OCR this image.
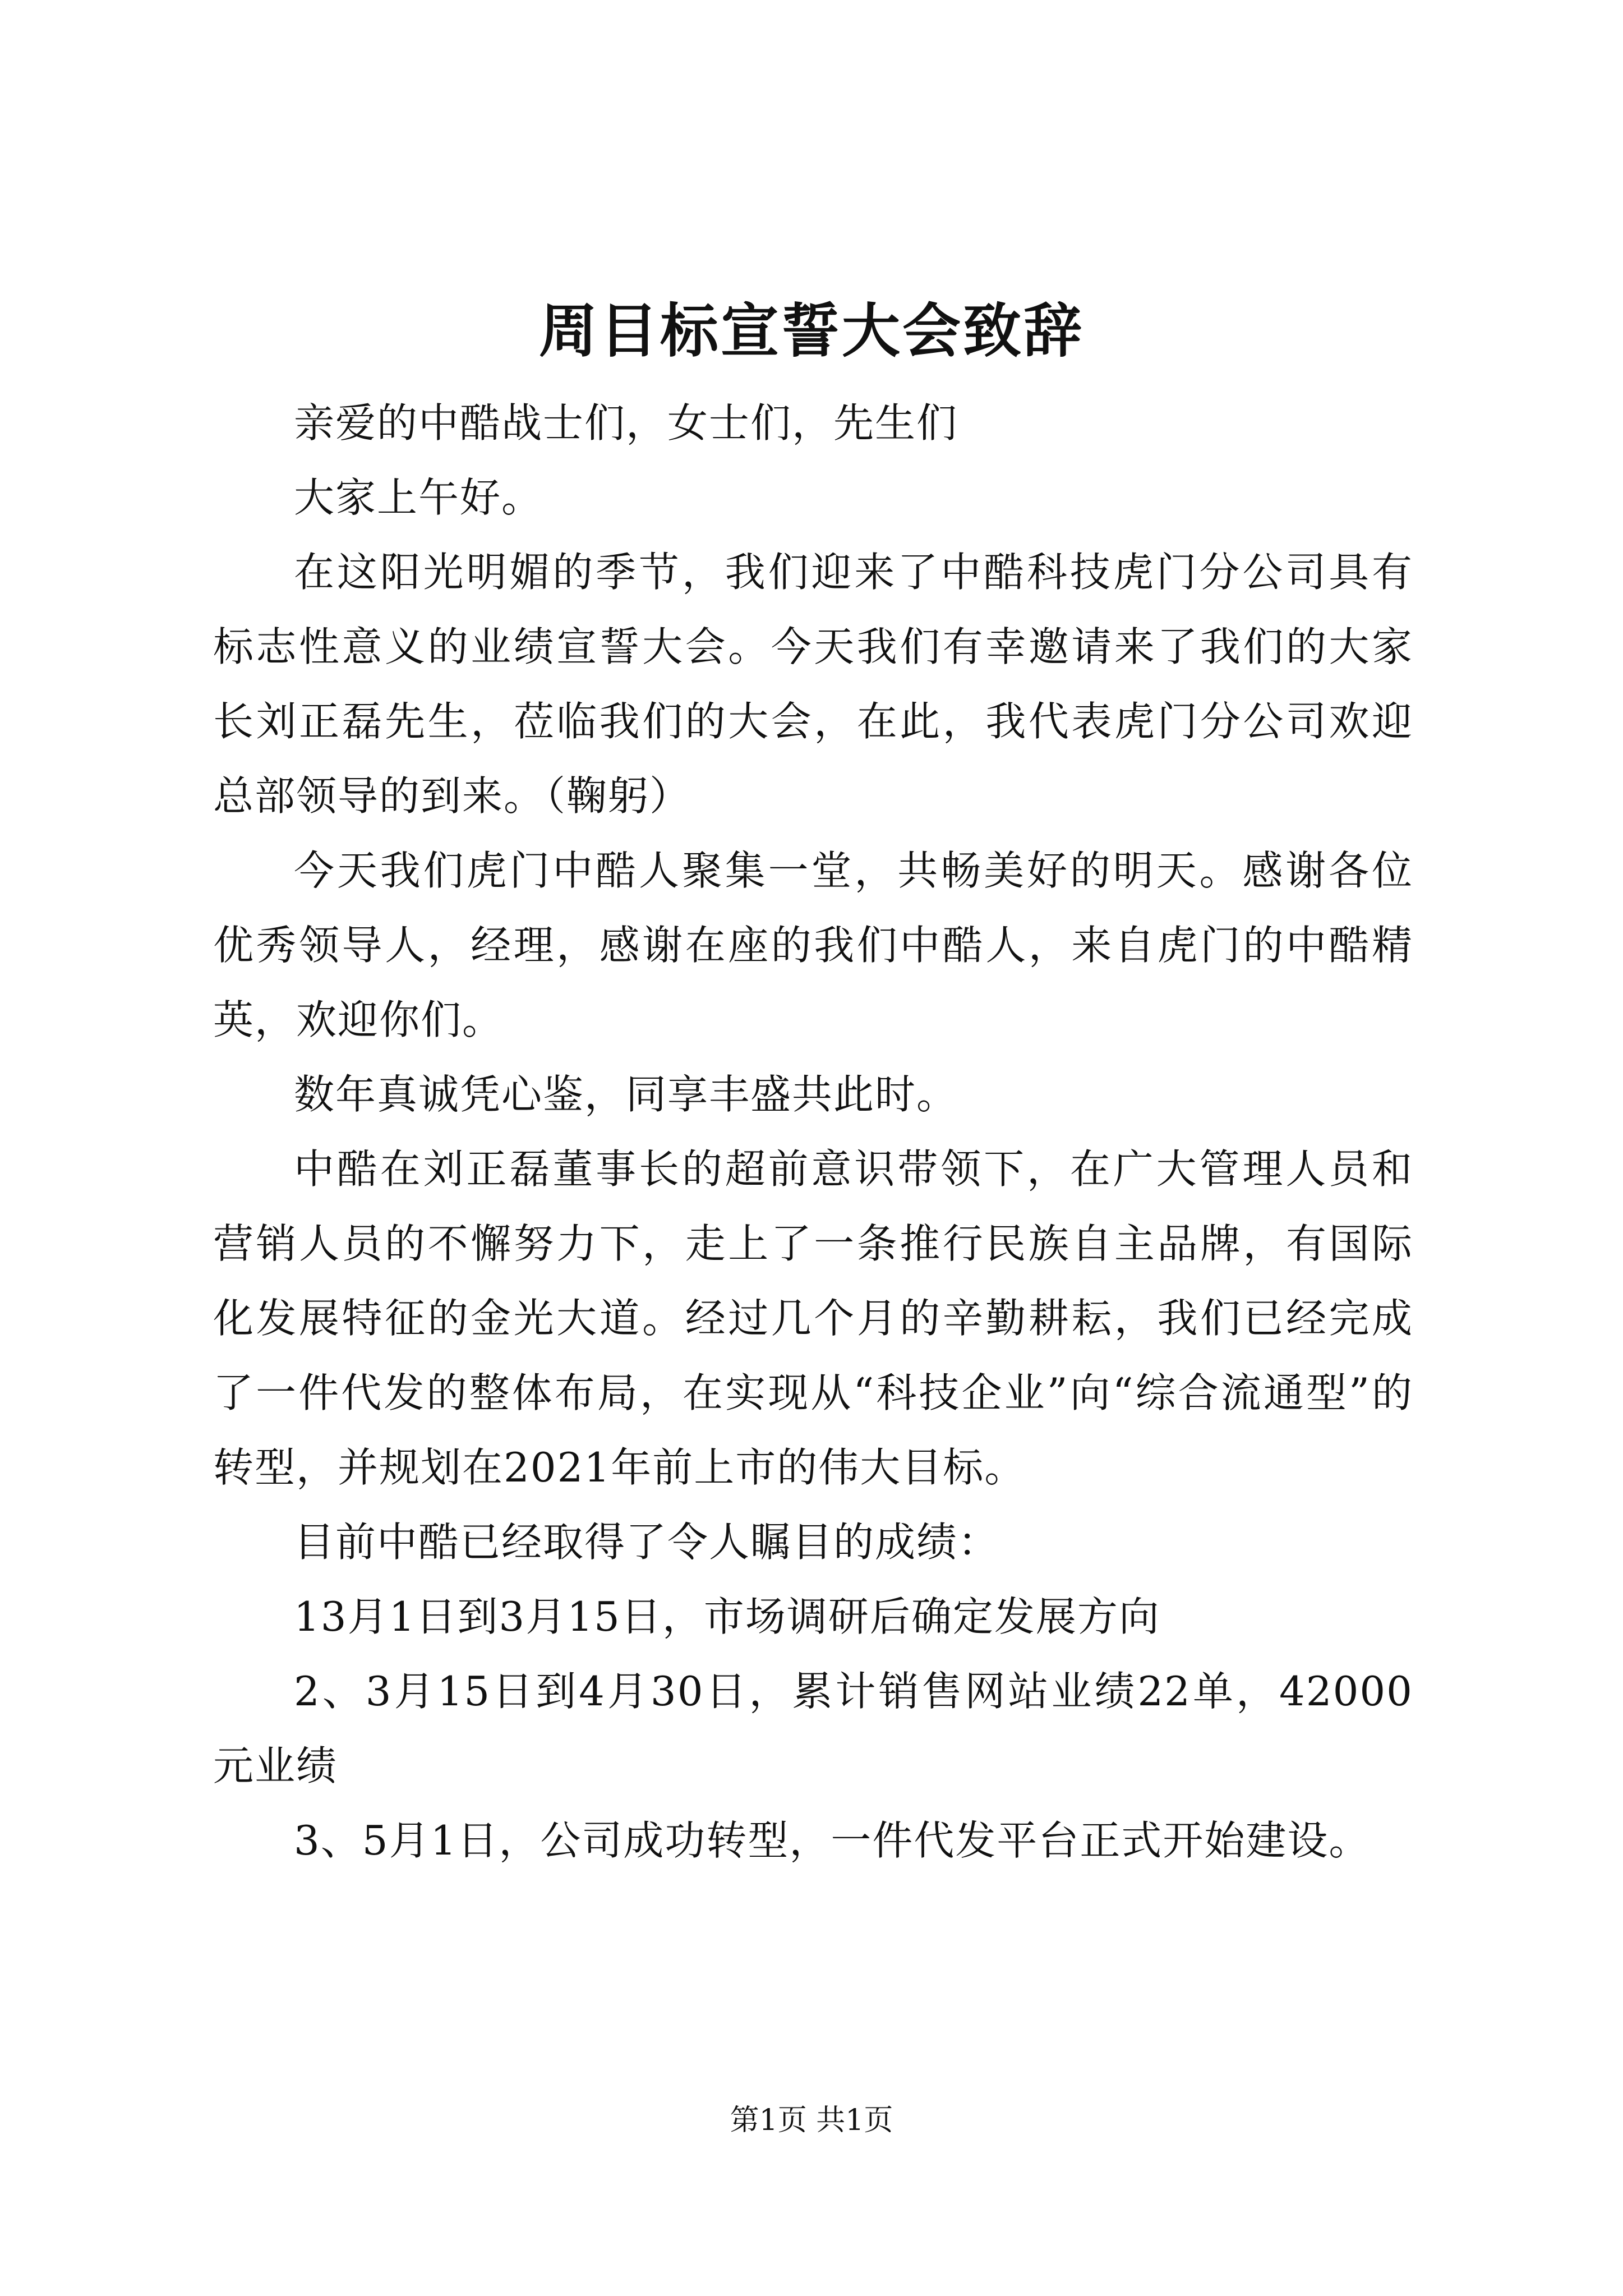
周目标宣誓大会致辞

亲爱的中酷战士们，女士们，先生们

大家上午好。

在这阳光明媚的季节，我们迎来了中酷科技虎门分公司具有标志性意义的业绩宣誓大会。今天我们有幸邀请来了我们的大家长刘正磊先生，莅临我们的大会，在此，我代表虎门分公司欢迎总部领导的到来。（鞠躬）

今天我们虎门中酷人聚集一堂，共畅美好的明天。感谢各位优秀领导人，经理，感谢在座的我们中酷人，来自虎门的中酷精英，欢迎你们。

数年真诚凭心鉴，同享丰盛共此时。

中酷在刘正磊董事长的超前意识带领下，在广大管理人员和营销人员的不懈努力下，走上了一条推行民族自主品牌，有国际化发展特征的金光大道。经过几个月的辛勤耕耘，我们已经完成了一件代发的整体布局，在实现从“科技企业”向“综合流通型”的转型，并规划在2021年前上市的伟大目标。

目前中酷已经取得了令人瞩目的成绩：

13月1日到3月15日，市场调研后确定发展方向

2、3月15日到4月30日，累计销售网站业绩22单，42000元业绩

3、5月1日，公司成功转型，一件代发平台正式开始建设。

第1页 共1页
